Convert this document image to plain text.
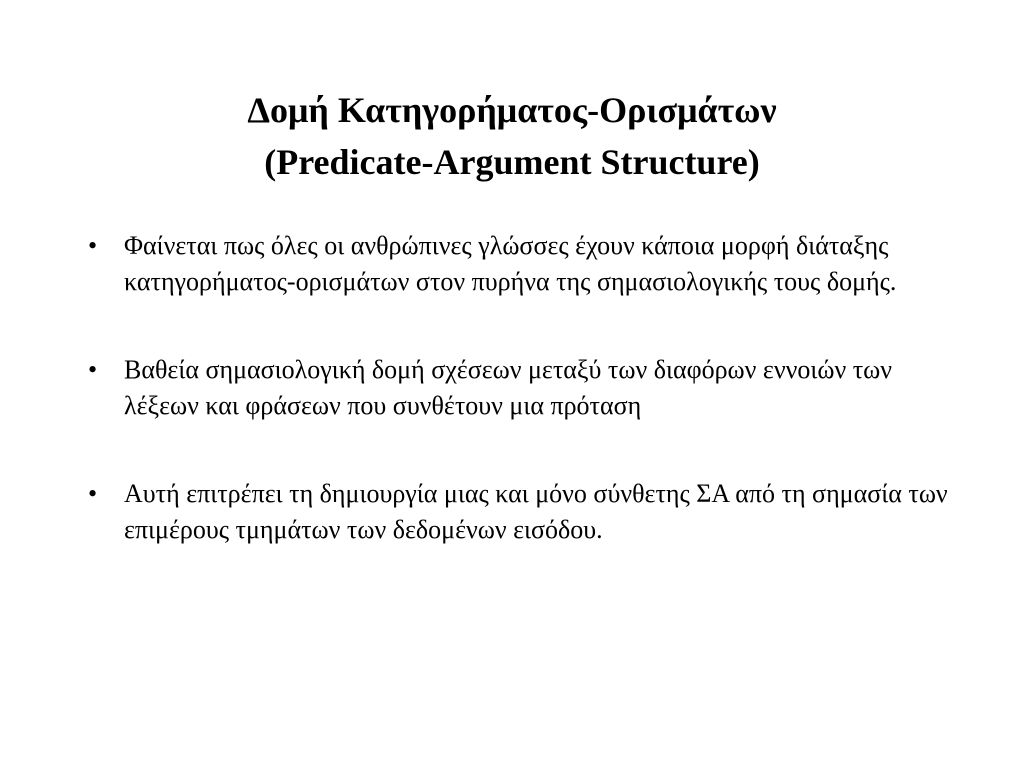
Δομή Κατηγορήματος-Ορισμάτων
(Predicate-Argument Structure)
•	Φαίνεται πως όλες οι ανθρώπινες γλώσσες έχουν κάποια μορφή διάταξης κατηγορήματος-ορισμάτων στον πυρήνα της σημασιολογικής τους δομής.
•	Βαθεία σημασιολογική δομή σχέσεων μεταξύ των διαφόρων εννοιών των λέξεων και φράσεων που συνθέτουν μια πρόταση
•	Αυτή επιτρέπει τη δημιουργία μιας και μόνο σύνθετης ΣΑ από τη σημασία των επιμέρους τμημάτων των δεδομένων εισόδου.
